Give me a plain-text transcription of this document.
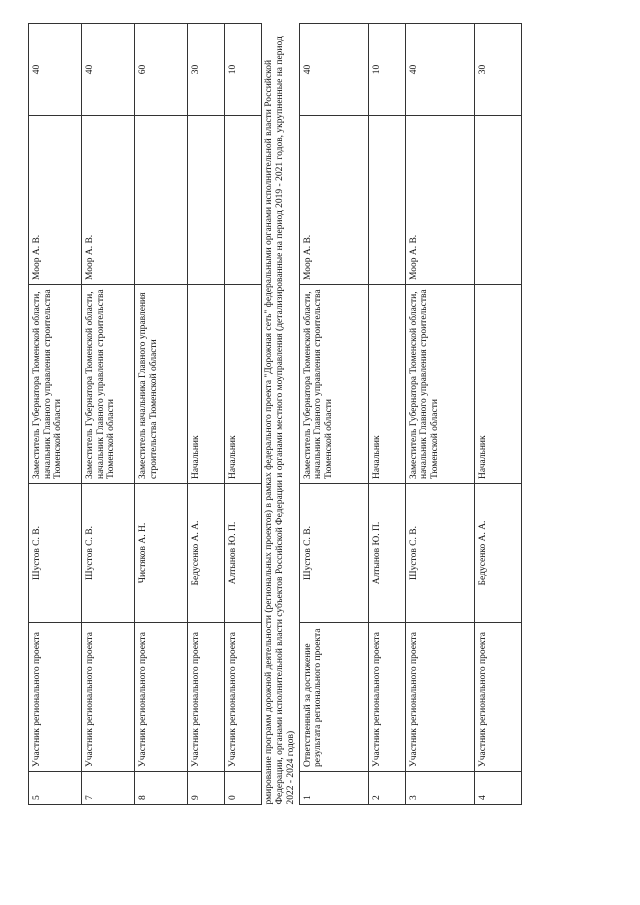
5	Участник регионального проекта	Шустов С. В.	Заместитель Губернатора Тюменской области, начальник Главного управления строительства Тюменской области	Моор А. В.	40
7	Участник регионального проекта	Шустов С. В.	Заместитель Губернатора Тюменской области, начальник Главного управления строительства Тюменской области	Моор А. В.	40
8	Участник регионального проекта	Чистяков А. Н.	Заместитель начальника Главного управления строительства Тюменской области		60
9	Участник регионального проекта	Бедусенко А. А.	Начальник		30
0	Участник регионального проекта	Алтынов Ю. П.	Начальник		10
рмирование программ дорожной деятельности (региональных проектов) в рамках федерального проекта "Дорожная сеть" федеральными органами исполнительной власти Российской Федерации, органами исполнительной власти субъектов Российской Федерации и органами местного моуправления (детализированные на период 2019 - 2021 годов, укрупненные на период 2022 - 2024 годов)					
1	Ответственный за достижение результата регионального проекта	Шустов С. В.	Заместитель Губернатора Тюменской области, начальник Главного управления строительства Тюменской области	Моор А. В.	40
2	Участник регионального проекта	Алтынов Ю. П.	Начальник		10
3	Участник регионального проекта	Шустов С. В.	Заместитель Губернатора Тюменской области, начальник Главного управления строительства Тюменской области	Моор А. В.	40
4	Участник регионального проекта	Бедусенко А. А.	Начальник		30
